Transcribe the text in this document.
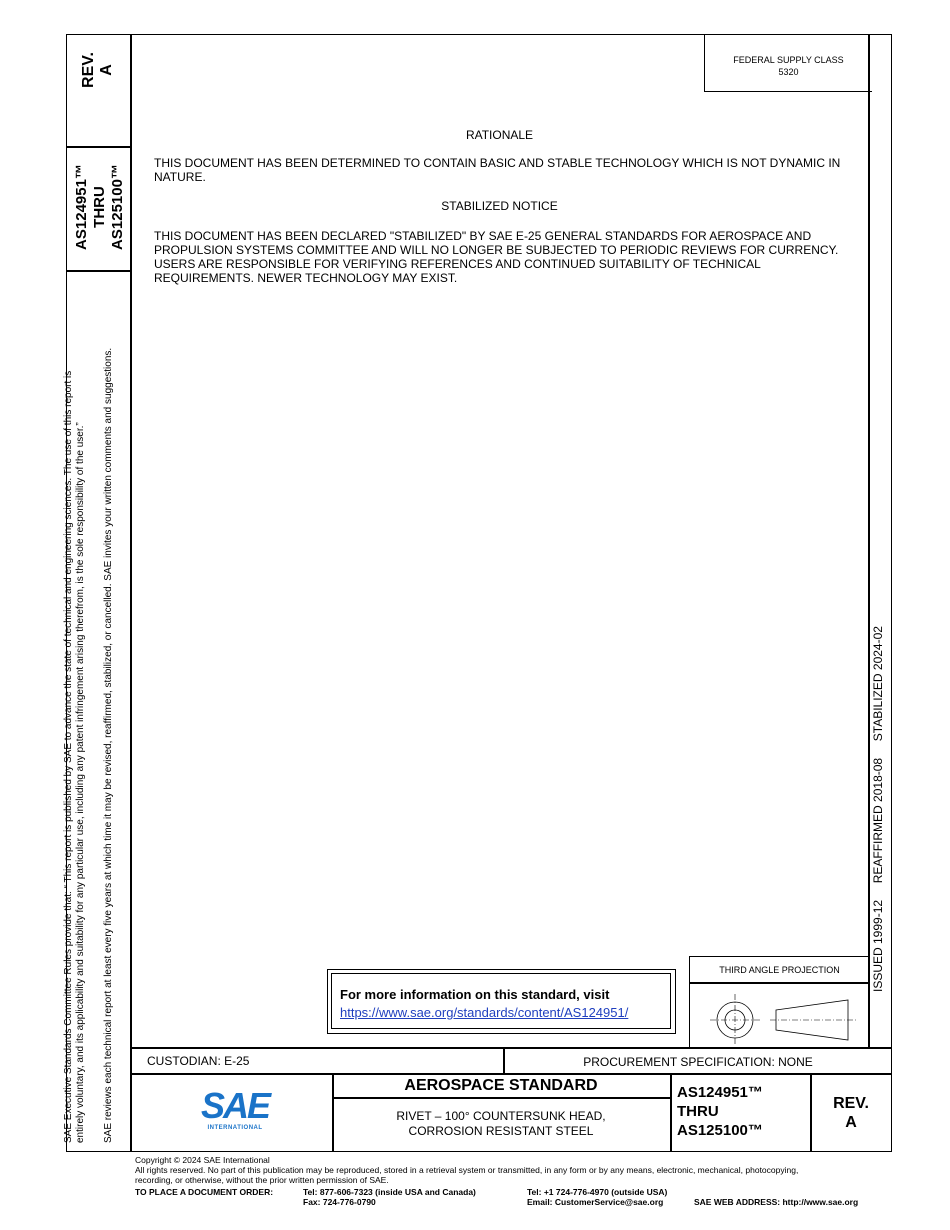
FEDERAL SUPPLY CLASS
5320
REV. A
AS124951™ THRU AS125100™
SAE Executive Standards Committee Rules provide that: “ This report is published by SAE to advance the state of technical and engineering sciences. The use of this report is entirely voluntary, and its applicability and suitability for any particular use, including any patent infringement arising therefrom, is the sole responsibility of the user.” SAE reviews each technical report at least every five years at which time it may be revised, reaffirmed, stabilized, or cancelled. SAE invites your written comments and suggestions.	ISSUED 1999-12     REAFFIRMED 2018-08     STABILIZED 2024-02
RATIONALE
THIS DOCUMENT HAS BEEN DETERMINED TO CONTAIN BASIC AND STABLE TECHNOLOGY WHICH IS NOT DYNAMIC IN NATURE.
STABILIZED NOTICE
THIS DOCUMENT HAS BEEN DECLARED "STABILIZED" BY SAE E-25 GENERAL STANDARDS FOR AEROSPACE AND PROPULSION SYSTEMS COMMITTEE AND WILL NO LONGER BE SUBJECTED TO PERIODIC REVIEWS FOR CURRENCY. USERS ARE RESPONSIBLE FOR VERIFYING REFERENCES AND CONTINUED SUITABILITY OF TECHNICAL REQUIREMENTS. NEWER TECHNOLOGY MAY EXIST.
For more information on this standard, visit
https://www.sae.org/standards/content/AS124951/
THIRD ANGLE PROJECTION
CUSTODIAN: E-25	PROCUREMENT SPECIFICATION: NONE
SAE
INTERNATIONAL
AEROSPACE STANDARD
RIVET – 100° COUNTERSUNK HEAD,
CORROSION RESISTANT STEEL
AS124951™
THRU
AS125100™
REV.
A
Copyright © 2024 SAE International
All rights reserved. No part of this publication may be reproduced, stored in a retrieval system or transmitted, in any form or by any means, electronic, mechanical, photocopying,
recording, or otherwise, without the prior written permission of SAE.
TO PLACE A DOCUMENT ORDER:	Tel: 877-606-7323 (inside USA and Canada)
Fax: 724-776-0790
Tel: +1 724-776-4970 (outside USA)
Email: CustomerService@sae.org	SAE WEB ADDRESS: http://www.sae.org
